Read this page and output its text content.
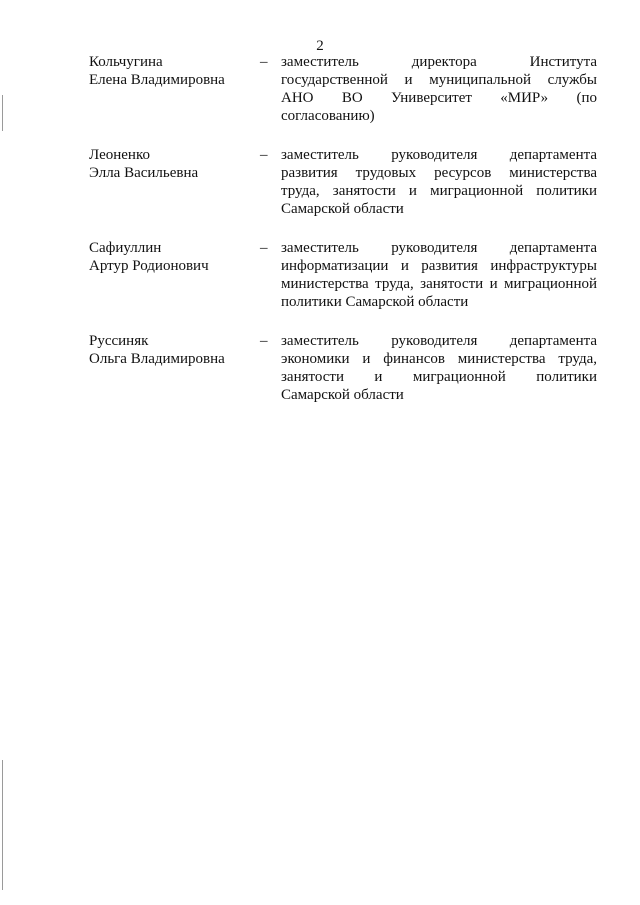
2
Кольчугина
Елена Владимировна
– заместитель директора Института
государственной и муниципальной службы
АНО ВО Университет «МИР» (по
согласованию)
Леоненко
Элла Васильевна
– заместитель руководителя департамента
развития трудовых ресурсов министерства
труда, занятости и миграционной политики
Самарской области
Сафиуллин
Артур Родионович
– заместитель руководителя департамента
информатизации и развития инфраструктуры
министерства труда, занятости и миграционной
политики Самарской области
Руссиняк
Ольга Владимировна
– заместитель руководителя департамента
экономики и финансов министерства труда,
занятости и миграционной политики
Самарской области
